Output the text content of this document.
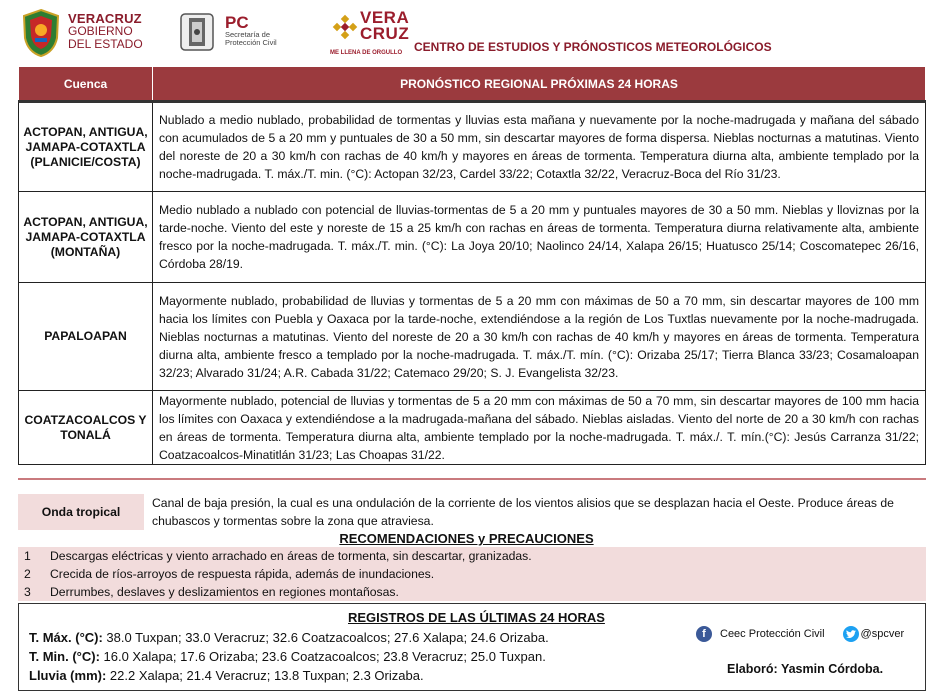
VERACRUZ
GOBIERNO
DEL ESTADO
PC
Secretaría de
Protección Civil
VERA
CRUZ
ME LLENA DE ORGULLO CENTRO DE ESTUDIOS Y PRÓNOSTICOS METEOROLÓGICOS
Cuenca	PRONÓSTICO REGIONAL PRÓXIMAS 24 HORAS
ACTOPAN, ANTIGUA, JAMAPA-COTAXTLA (PLANICIE/COSTA)	Nublado a medio nublado, probabilidad de tormentas y lluvias esta mañana y nuevamente por la noche-madrugada y mañana del sábado con acumulados de 5 a 20 mm y puntuales de 30 a 50 mm, sin descartar mayores de forma dispersa. Nieblas nocturnas a matutinas. Viento del noreste de 20 a 30 km/h con rachas de 40 km/h y mayores en áreas de tormenta. Temperatura diurna alta, ambiente templado por la noche-madrugada. T. máx./T. min. (°C): Actopan 32/23, Cardel 33/22; Cotaxtla 32/22, Veracruz-Boca del Río 31/23.
ACTOPAN, ANTIGUA, JAMAPA-COTAXTLA (MONTAÑA)	Medio nublado a nublado con potencial de lluvias-tormentas de 5 a 20 mm y puntuales mayores de 30 a 50 mm. Nieblas y lloviznas por la tarde-noche. Viento del este y noreste de 15 a 25 km/h con rachas en áreas de tormenta. Temperatura diurna relativamente alta, ambiente fresco por la noche-madrugada. T. máx./T. min. (°C): La Joya 20/10; Naolinco 24/14, Xalapa 26/15; Huatusco 25/14; Coscomatepec 26/16, Córdoba 28/19.
PAPALOAPAN	Mayormente nublado, probabilidad de lluvias y tormentas de 5 a 20 mm con máximas de 50 a 70 mm, sin descartar mayores de 100 mm hacia los límites con Puebla y Oaxaca por la tarde-noche, extendiéndose a la región de Los Tuxtlas nuevamente por la noche-madrugada. Nieblas nocturnas a matutinas. Viento del noreste de 20 a 30 km/h con rachas de 40 km/h y mayores en áreas de tormenta. Temperatura diurna alta, ambiente fresco a templado por la noche-madrugada. T. máx./T. mín. (°C): Orizaba 25/17; Tierra Blanca 33/23; Cosamaloapan 32/23; Alvarado 31/24; A.R. Cabada 31/22; Catemaco 29/20; S. J. Evangelista 32/23.
COATZACOALCOS Y TONALÁ	Mayormente nublado, potencial de lluvias y tormentas de 5 a 20 mm con máximas de 50 a 70 mm, sin descartar mayores de 100 mm hacia los límites con Oaxaca y extendiéndose a la madrugada-mañana del sábado. Nieblas aisladas. Viento del norte de 20 a 30 km/h con rachas en áreas de tormenta. Temperatura diurna alta, ambiente templado por la noche-madrugada. T. máx./. T. mín.(°C): Jesús Carranza 31/22; Coatzacoalcos-Minatitlán 31/23; Las Choapas 31/22.
Onda tropical
Canal de baja presión, la cual es una ondulación de la corriente de los vientos alisios que se desplazan hacia el Oeste. Produce áreas de chubascos y tormentas sobre la zona que atraviesa.
RECOMENDACIONES y PRECAUCIONES
1	Descargas eléctricas y viento arrachado en áreas de tormenta, sin descartar, granizadas.
2	Crecida de ríos-arroyos de respuesta rápida, además de inundaciones.
3	Derrumbes, deslaves y deslizamientos en regiones montañosas.
REGISTROS DE LAS ÚLTIMAS 24 HORAS
T. Máx. (°C): 38.0 Tuxpan; 33.0 Veracruz; 32.6 Coatzacoalcos; 27.6 Xalapa; 24.6 Orizaba.
T. Min. (°C): 16.0 Xalapa; 17.6 Orizaba; 23.6 Coatzacoalcos; 23.8 Veracruz; 25.0 Tuxpan.
Lluvia (mm): 22.2 Xalapa; 21.4 Veracruz; 13.8 Tuxpan; 2.3 Orizaba.
f	Ceec Protección Civil	@spcver
Elaboró: Yasmin Córdoba.
